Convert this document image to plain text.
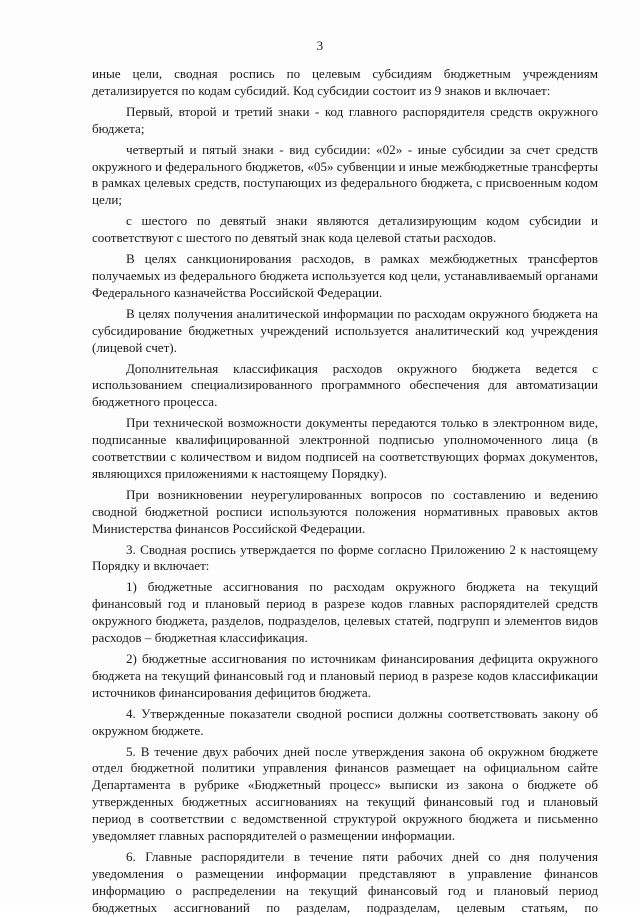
3

иные цели, сводная роспись по целевым субсидиям бюджетным учреждениям детализируется по кодам субсидий. Код субсидии состоит из 9 знаков и включает:

Первый, второй и третий знаки - код главного распорядителя средств окружного бюджета;

четвертый и пятый знаки - вид субсидии: «02» - иные субсидии за счет средств окружного и федерального бюджетов, «05» субвенции и иные межбюджетные трансферты в рамках целевых средств, поступающих из федерального бюджета, с присвоенным кодом цели;

с шестого по девятый знаки являются детализирующим кодом субсидии и соответствуют с шестого по девятый знак кода целевой статьи расходов.

В целях санкционирования расходов, в рамках межбюджетных трансфертов получаемых из федерального бюджета используется код цели, устанавливаемый органами Федерального казначейства Российской Федерации.

В целях получения аналитической информации по расходам окружного бюджета на субсидирование бюджетных учреждений используется аналитический код учреждения (лицевой счет).

Дополнительная классификация расходов окружного бюджета ведется с использованием специализированного программного обеспечения для автоматизации бюджетного процесса.

При технической возможности документы передаются только в электронном виде, подписанные квалифицированной электронной подписью уполномоченного лица (в соответствии с количеством и видом подписей на соответствующих формах документов, являющихся приложениями к настоящему Порядку).

При возникновении неурегулированных вопросов по составлению и ведению сводной бюджетной росписи используются положения нормативных правовых актов Министерства финансов Российской Федерации.

3. Сводная роспись утверждается по форме согласно Приложению 2 к настоящему Порядку и включает:

1) бюджетные ассигнования по расходам окружного бюджета на текущий финансовый год и плановый период в разрезе кодов главных распорядителей средств окружного бюджета, разделов, подразделов, целевых статей, подгрупп и элементов видов расходов – бюджетная классификация.

2) бюджетные ассигнования по источникам финансирования дефицита окружного бюджета на текущий финансовый год и плановый период в разрезе кодов классификации источников финансирования дефицитов бюджета.

4. Утвержденные показатели сводной росписи должны соответствовать закону об окружном бюджете.

5. В течение двух рабочих дней после утверждения закона об окружном бюджете отдел бюджетной политики управления финансов размещает на официальном сайте Департамента в рубрике «Бюджетный процесс» выписки из закона о бюджете об утвержденных бюджетных ассигнованиях на текущий финансовый год и плановый период в соответствии с ведомственной структурой окружного бюджета и письменно уведомляет главных распорядителей о размещении информации.

6. Главные распорядители в течение пяти рабочих дней со дня получения уведомления о размещении информации представляют в управление финансов информацию о распределении на текущий финансовый год и плановый период бюджетных ассигнований по разделам, подразделам, целевым статьям, по
